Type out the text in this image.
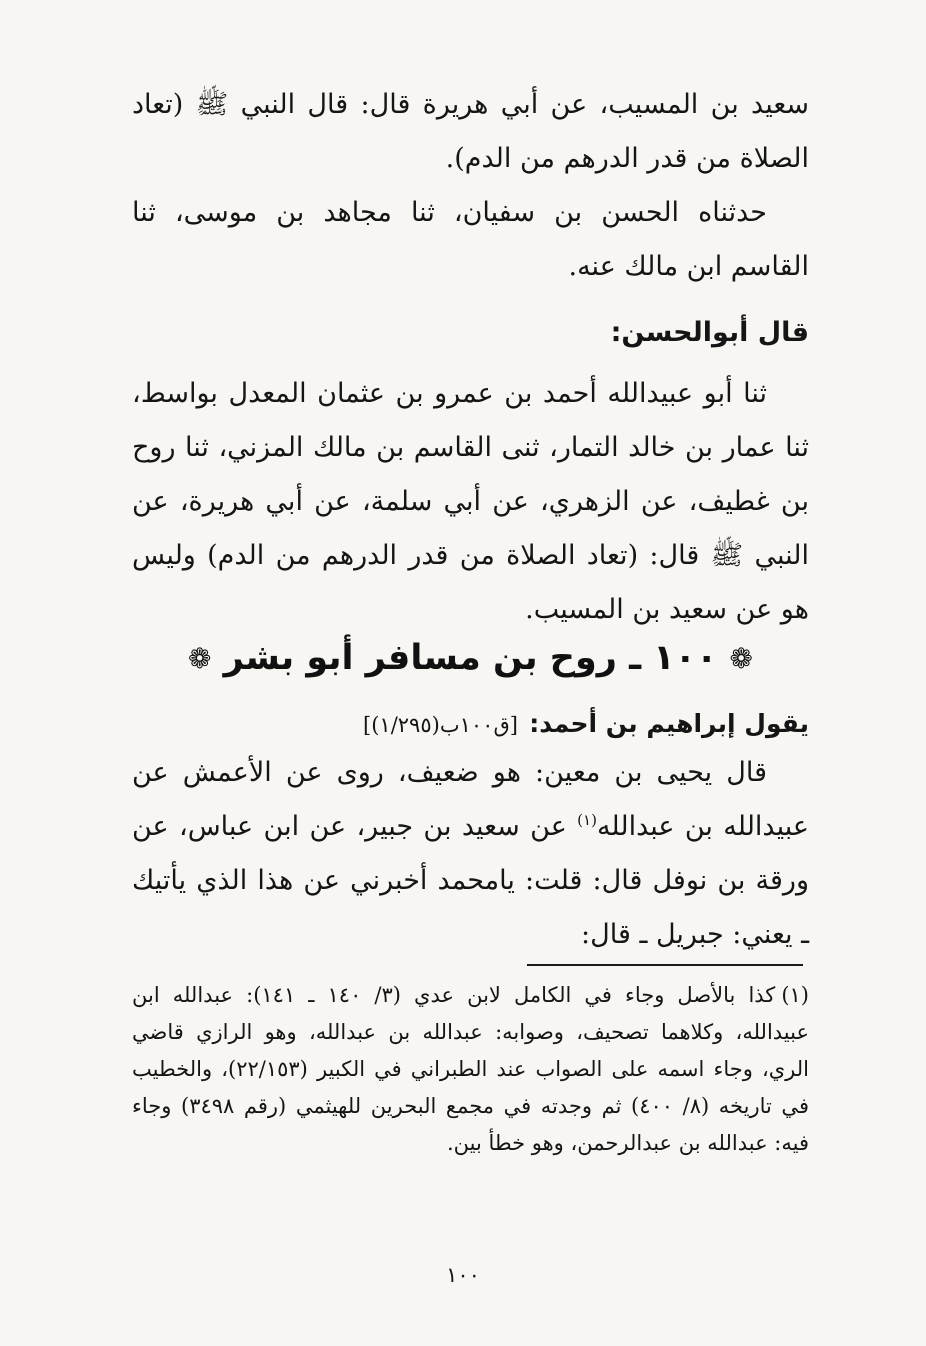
سعيد بن المسيب، عن أبي هريرة قال: قال النبي ﷺ (تعاد الصلاة من قدر الدرهم من الدم).
حدثناه الحسن بن سفيان، ثنا مجاهد بن موسى، ثنا القاسم ابن مالك عنه.
قال أبوالحسن:
ثنا أبو عبيدالله أحمد بن عمرو بن عثمان المعدل بواسط، ثنا عمار بن خالد التمار، ثنى القاسم بن مالك المزني، ثنا روح بن غطيف، عن الزهري، عن أبي سلمة، عن أبي هريرة، عن النبي ﷺ قال: (تعاد الصلاة من قدر الدرهم من الدم) وليس هو عن سعيد بن المسيب.
❁ ١٠٠ ـ روح بن مسافر أبو بشر ❁
يقول إبراهيم بن أحمد: [ق١٠٠ب(١/٢٩٥)]
قال يحيى بن معين: هو ضعيف، روى عن الأعمش عن عبيدالله بن عبدالله$^{(١)}$ عن سعيد بن جبير، عن ابن عباس، عن ورقة بن نوفل قال: قلت: يامحمد أخبرني عن هذا الذي يأتيك ـ يعني: جبريل ـ قال:
(١)كذا بالأصل وجاء في الكامل لابن عدي (٣/ ١٤٠ ـ ١٤١): عبدالله ابن عبيدالله، وكلاهما تصحيف، وصوابه: عبدالله بن عبدالله، وهو الرازي قاضي الري، وجاء اسمه على الصواب عند الطبراني في الكبير (٢٢/١٥٣)، والخطيب في تاريخه (٨/ ٤٠٠) ثم وجدته في مجمع البحرين للهيثمي (رقم ٣٤٩٨) وجاء فيه: عبدالله بن عبدالرحمن، وهو خطأ بين.
١٠٠
